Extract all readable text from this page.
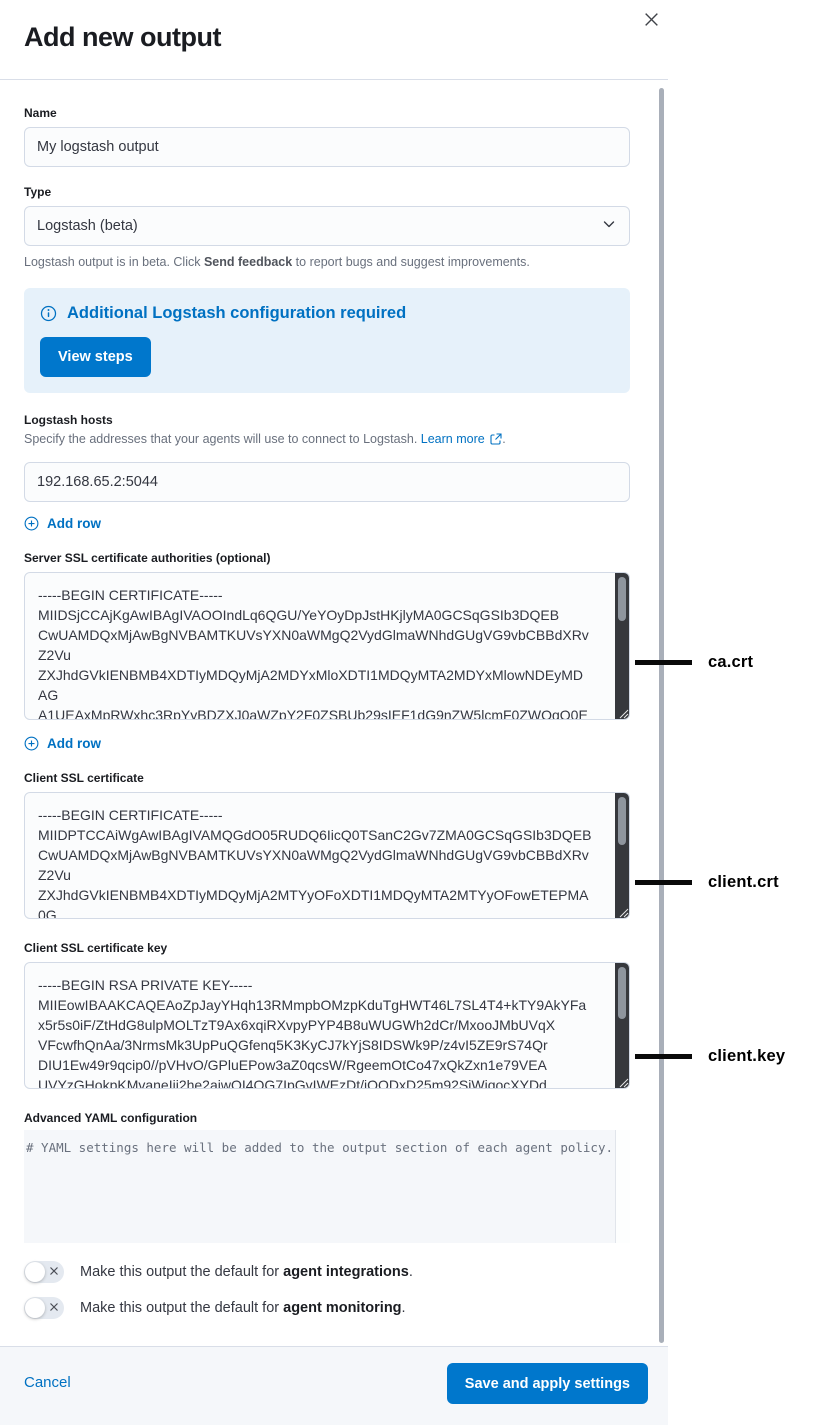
Add new output
Name
My logstash output
Type
Logstash (beta)
Logstash output is in beta. Click Send feedback to report bugs and suggest improvements.
Additional Logstash configuration required
View steps
Logstash hosts
Specify the addresses that your agents will use to connect to Logstash. Learn more .
192.168.65.2:5044
Add row
Server SSL certificate authorities (optional)
-----BEGIN CERTIFICATE----- MIIDSjCCAjKgAwIBAgIVAOOIndLq6QGU/YeYOyDpJstHKjlyMA0GCSqGSIb3DQEB CwUAMDQxMjAwBgNVBAMTKUVsYXN0aWMgQ2VydGlmaWNhdGUgVG9vbCBBdXRv Z2Vu ZXJhdGVkIENBMB4XDTIyMDQyMjA2MDYxMloXDTI1MDQyMTA2MDYxMlowNDEyMD AG A1UEAxMpRWxhc3RpYyBDZXJ0aWZpY2F0ZSBUb29sIEF1dG9nZW5lcmF0ZWQgQ0E
Add row
Client SSL certificate
-----BEGIN CERTIFICATE----- MIIDPTCCAiWgAwIBAgIVAMQGdO05RUDQ6IicQ0TSanC2Gv7ZMA0GCSqGSIb3DQEB CwUAMDQxMjAwBgNVBAMTKUVsYXN0aWMgQ2VydGlmaWNhdGUgVG9vbCBBdXRv Z2Vu ZXJhdGVkIENBMB4XDTIyMDQyMjA2MTYyOFoXDTI1MDQyMTA2MTYyOFowETEPMA 0G
Client SSL certificate key
-----BEGIN RSA PRIVATE KEY----- MIIEowIBAAKCAQEAoZpJayYHqh13RMmpbOMzpKduTgHWT46L7SL4T4+kTY9AkYFa x5r5s0iF/ZtHdG8ulpMOLTzT9Ax6xqiRXvpyPYP4B8uWUGWh2dCr/MxooJMbUVqX VFcwfhQnAa/3NrmsMk3UpPuQGfenq5K3KyCJ7kYjS8IDSWk9P/z4vI5ZE9rS74Qr DIU1Ew49r9qcip0//pVHvO/GPluEPow3aZ0qcsW/RgeemOtCo47xQkZxn1e79VEA UVYzGHokpKMvaneIji2he2ajwQI4OG7IpGvIWEzDt/iQODxD25m92SiWiqocXYDd
Advanced YAML configuration
# YAML settings here will be added to the output section of each agent policy.
Make this output the default for agent integrations.
Make this output the default for agent monitoring.
Cancel	Save and apply settings
ca.crt
client.crt
client.key
